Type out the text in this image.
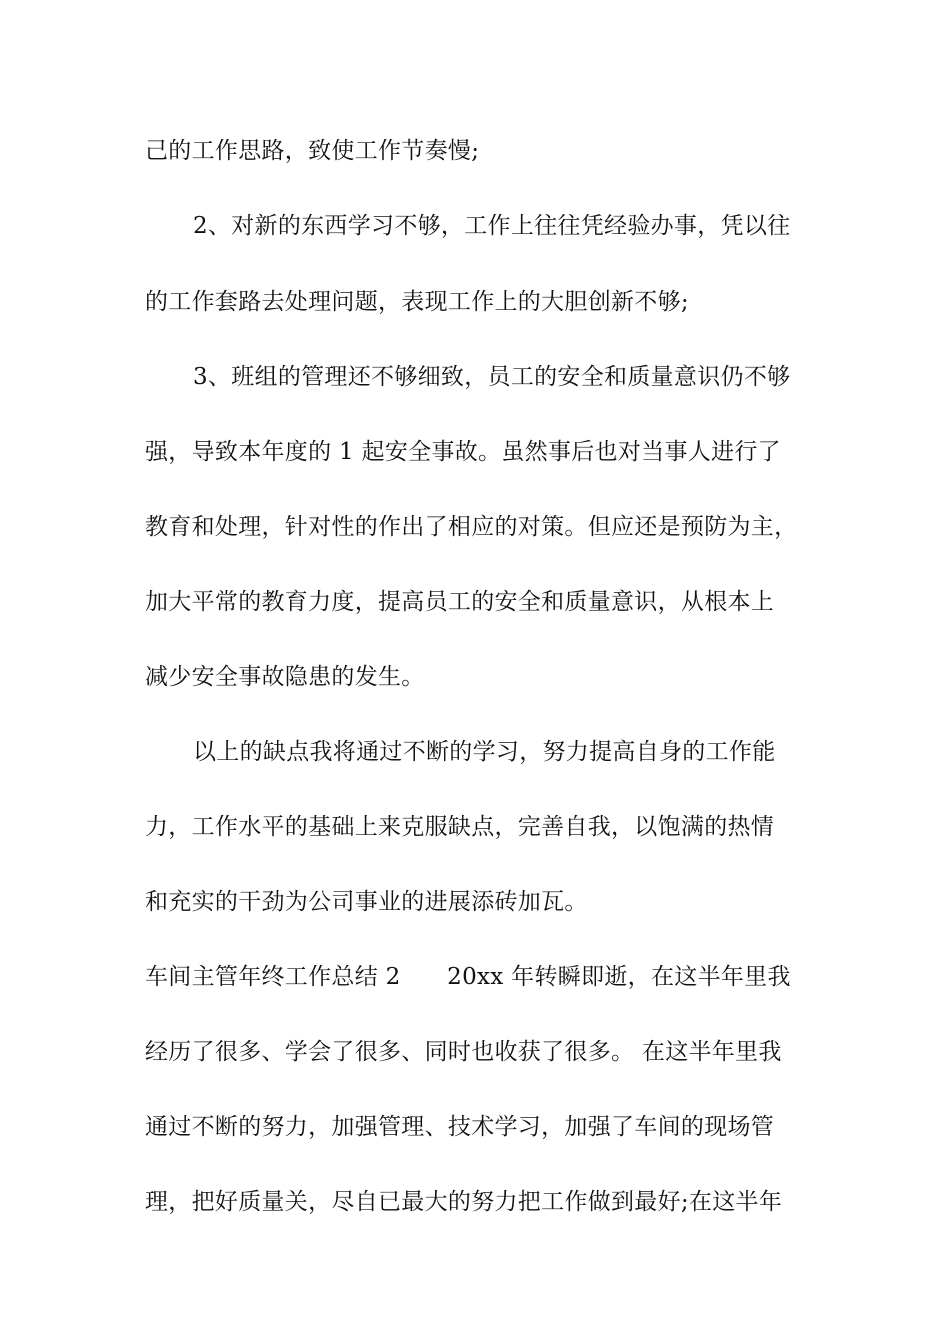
己的工作思路，致使工作节奏慢;
2、对新的东西学习不够，工作上往往凭经验办事，凭以往
的工作套路去处理问题，表现工作上的大胆创新不够;
3、班组的管理还不够细致，员工的安全和质量意识仍不够
强，导致本年度的 1 起安全事故。虽然事后也对当事人进行了
教育和处理，针对性的作出了相应的对策。但应还是预防为主，
加大平常的教育力度，提高员工的安全和质量意识，从根本上
减少安全事故隐患的发生。
以上的缺点我将通过不断的学习，努力提高自身的工作能
力，工作水平的基础上来克服缺点，完善自我，以饱满的热情
和充实的干劲为公司事业的进展添砖加瓦。
车间主管年终工作总结 2　　20xx 年转瞬即逝，在这半年里我
经历了很多、学会了很多、同时也收获了很多。 在这半年里我
通过不断的努力，加强管理、技术学习，加强了车间的现场管
理，把好质量关，尽自已最大的努力把工作做到最好;在这半年
